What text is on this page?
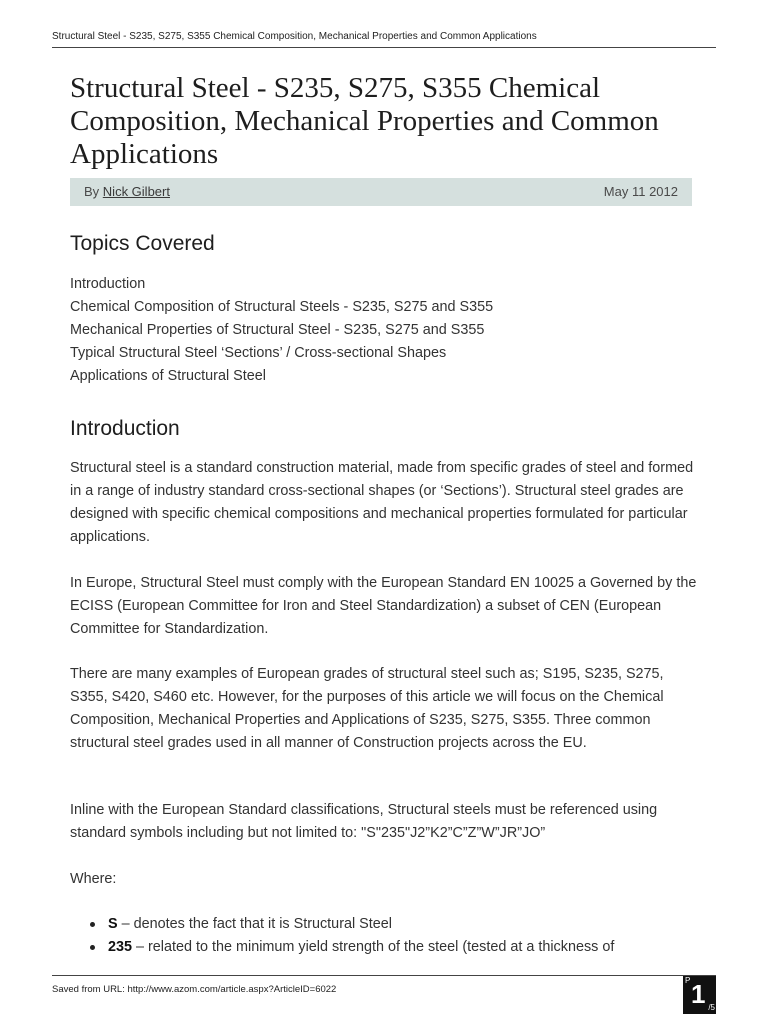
Structural Steel - S235, S275, S355 Chemical Composition, Mechanical Properties and Common Applications
Structural Steel - S235, S275, S355 Chemical Composition, Mechanical Properties and Common Applications
By Nick Gilbert	May 11 2012
Topics Covered
Introduction
Chemical Composition of Structural Steels - S235, S275 and S355
Mechanical Properties of Structural Steel - S235, S275 and S355
Typical Structural Steel ‘Sections’ / Cross-sectional Shapes
Applications of Structural Steel
Introduction

Structural steel is a standard construction material, made from specific grades of steel and formed in a range of industry standard cross-sectional shapes (or ‘Sections’). Structural steel grades are designed with specific chemical compositions and mechanical properties formulated for particular applications.

In Europe, Structural Steel must comply with the European Standard EN 10025 a Governed by the ECISS (European Committee for Iron and Steel Standardization) a subset of CEN (European Committee for Standardization.

There are many examples of European grades of structural steel such as; S195, S235, S275, S355, S420, S460 etc. However, for the purposes of this article we will focus on the Chemical Composition, Mechanical Properties and Applications of S235, S275, S355. Three common structural steel grades used in all manner of Construction projects across the EU.

Inline with the European Standard classifications, Structural steels must be referenced using standard symbols including but not limited to: "S"235"J2”K2”C”Z”W”JR”JO”

Where:

S – denotes the fact that it is Structural Steel
235 – related to the minimum yield strength of the steel (tested at a thickness of
Saved from URL: http://www.azom.com/article.aspx?ArticleID=6022
P 1 /5
